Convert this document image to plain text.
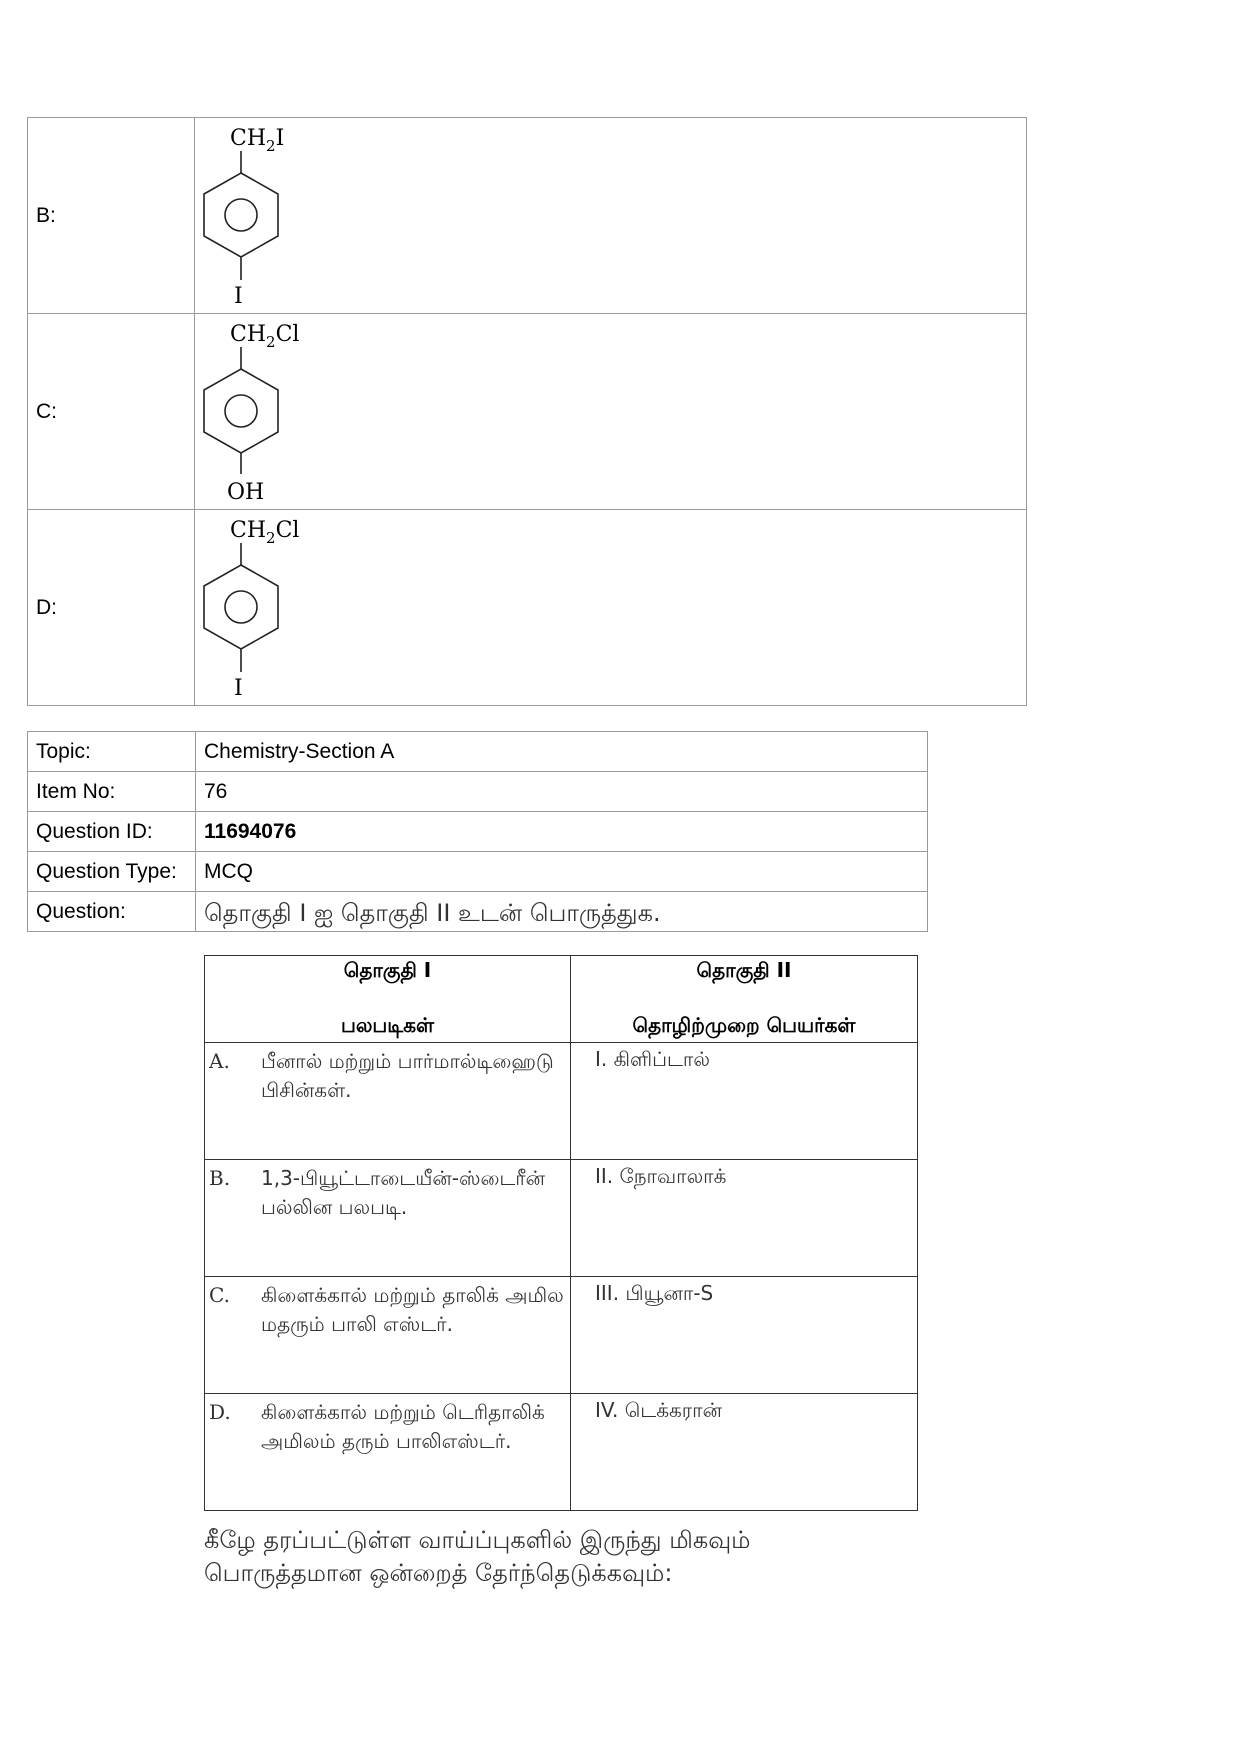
B:	$CH_2I$
I

C:	$CH_2Cl$
OH

D:	$CH_2Cl$
I
Topic:	Chemistry-Section A
Item No:	76
Question ID:	11694076
Question Type:	MCQ
Question:	தொகுதி I ஐ தொகுதி II உடன் பொருத்துக.
தொகுதி I
பலபடிகள்
	தொகுதி II
தொழிற்முறை பெயர்கள்

A. பீனால் மற்றும் பார்மால்டிஹைடு பிசின்கள்.
	I. கிளிப்டால்

B. 1,3-பியூட்டாடையீன்-ஸ்டைரீன் பல்லின பலபடி.
	II. நோவாலாக்

C. கிளைக்கால் மற்றும் தாலிக் அமில மதரும் பாலி எஸ்டர்.
	III. பியூனா-S

D. கிளைக்கால் மற்றும் டெரிதாலிக் அமிலம் தரும் பாலிஎஸ்டர்.
	IV. டெக்கரான்
கீழே தரப்பட்டுள்ள வாய்ப்புகளில் இருந்து மிகவும் பொருத்தமான ஒன்றைத் தேர்ந்தெடுக்கவும்:
